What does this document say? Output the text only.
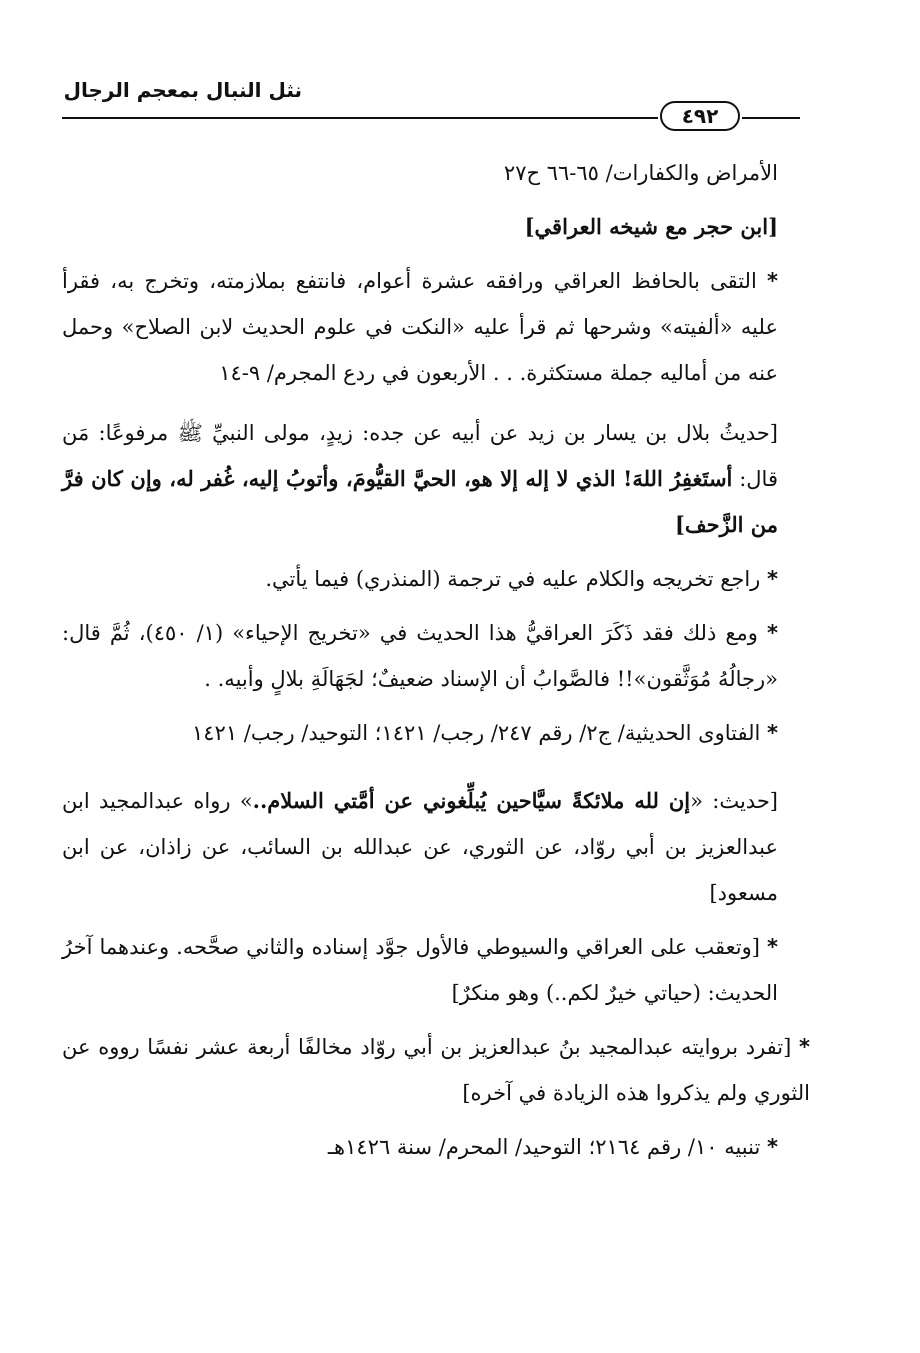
نثل النبال بمعجم الرجال
٤٩٢

الأمراض والكفارات/ ٦٥-٦٦ ح٢٧

[ابن حجر مع شيخه العراقي]

* التقى بالحافظ العراقي ورافقه عشرة أعوام، فانتفع بملازمته، وتخرج به، فقرأ عليه «ألفيته» وشرحها ثم قرأ عليه «النكت في علوم الحديث لابن الصلاح» وحمل عنه من أماليه جملة مستكثرة. . . الأربعون في ردع المجرم/ ٩-١٤

[حديثُ بلال بن يسار بن زيد عن أبيه عن جده: زيدٍ، مولى النبيِّ ﷺ مرفوعًا: مَن قال: أستَغفِرُ اللهَ! الذي لا إله إلا هو، الحيَّ القيُّومَ، وأتوبُ إليه، غُفر له، وإن كان فرَّ من الزَّحف]

* راجع تخريجه والكلام عليه في ترجمة (المنذري) فيما يأتي.

* ومع ذلك فقد ذَكَرَ العراقيُّ هذا الحديث في «تخريج الإحياء» (١/ ٤٥٠)، ثُمَّ قال: «رجالُهُ مُوَثَّقون»!! فالصَّوابُ أن الإسناد ضعيفٌ؛ لجَهَالَةِ بلالٍ وأبيه. .

* الفتاوى الحديثية/ ج٢/ رقم ٢٤٧/ رجب/ ١٤٢١؛ التوحيد/ رجب/ ١٤٢١

[حديث: «إن لله ملائكةً سيَّاحين يُبلِّغوني عن أمَّتي السلام..» رواه عبدالمجيد ابن عبدالعزيز بن أبي روّاد، عن الثوري، عن عبدالله بن السائب، عن زاذان، عن ابن مسعود]

* [وتعقب على العراقي والسيوطي فالأول جوَّد إسناده والثاني صحَّحه. وعندهما آخرُ الحديث: (حياتي خيرٌ لكم..) وهو منكرٌ]

* [تفرد بروايته عبدالمجيد بنُ عبدالعزيز بن أبي روّاد مخالفًا أربعة عشر نفسًا رووه عن الثوري ولم يذكروا هذه الزيادة في آخره]

* تنبيه ١٠/ رقم ٢١٦٤؛ التوحيد/ المحرم/ سنة ١٤٢٦هـ
